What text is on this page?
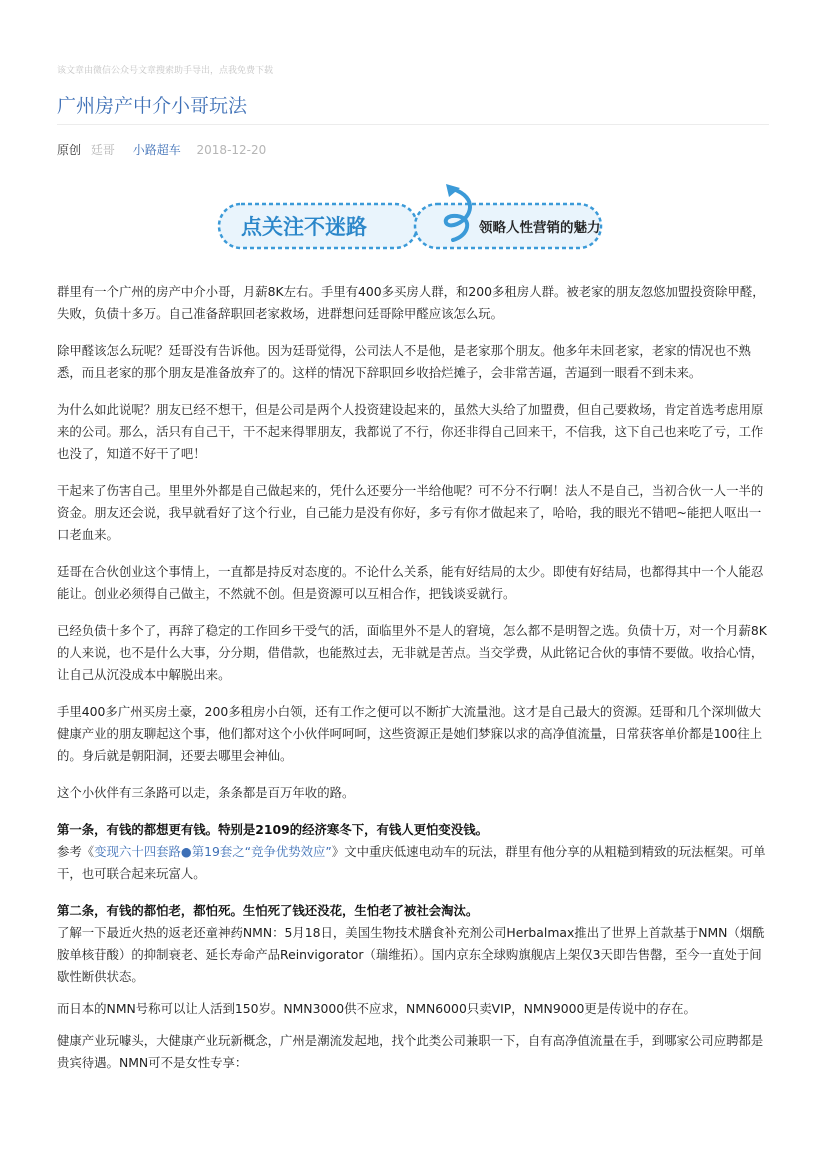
该文章由微信公众号文章搜索助手导出，点我免费下载
广州房产中介小哥玩法
原创 廷哥 小路超车 2018-12-20
点关注不迷路	领略人性营销的魅力

群里有一个广州的房产中介小哥，月薪8K左右。手里有400多买房人群，和200多租房人群。被老家的朋友忽悠加盟投资除甲醛，失败，负债十多万。自己准备辞职回老家救场，进群想问廷哥除甲醛应该怎么玩。

除甲醛该怎么玩呢？廷哥没有告诉他。因为廷哥觉得，公司法人不是他，是老家那个朋友。他多年未回老家，老家的情况也不熟悉，而且老家的那个朋友是准备放弃了的。这样的情况下辞职回乡收拾烂摊子，会非常苦逼，苦逼到一眼看不到未来。

为什么如此说呢？朋友已经不想干，但是公司是两个人投资建设起来的，虽然大头给了加盟费，但自己要救场，肯定首选考虑用原来的公司。那么，活只有自己干，干不起来得罪朋友，我都说了不行，你还非得自己回来干，不信我，这下自己也来吃了亏，工作也没了，知道不好干了吧！

干起来了伤害自己。里里外外都是自己做起来的，凭什么还要分一半给他呢？可不分不行啊！法人不是自己，当初合伙一人一半的资金。朋友还会说，我早就看好了这个行业，自己能力是没有你好，多亏有你才做起来了，哈哈，我的眼光不错吧~能把人呕出一口老血来。

廷哥在合伙创业这个事情上，一直都是持反对态度的。不论什么关系，能有好结局的太少。即使有好结局，也都得其中一个人能忍能让。创业必须得自己做主，不然就不创。但是资源可以互相合作，把钱谈妥就行。

已经负债十多个了，再辞了稳定的工作回乡干受气的活，面临里外不是人的窘境，怎么都不是明智之选。负债十万，对一个月薪8K的人来说，也不是什么大事，分分期，借借款，也能熬过去，无非就是苦点。当交学费，从此铭记合伙的事情不要做。收拾心情，让自己从沉没成本中解脱出来。

手里400多广州买房土豪，200多租房小白领，还有工作之便可以不断扩大流量池。这才是自己最大的资源。廷哥和几个深圳做大健康产业的朋友聊起这个事，他们都对这个小伙伴呵呵呵，这些资源正是她们梦寐以求的高净值流量，日常获客单价都是100往上的。身后就是朝阳洞，还要去哪里会神仙。

这个小伙伴有三条路可以走，条条都是百万年收的路。

第一条，有钱的都想更有钱。特别是2109的经济寒冬下，有钱人更怕变没钱。

参考《变现六十四套路●第19套之“竞争优势效应”》文中重庆低速电动车的玩法，群里有他分享的从粗糙到精致的玩法框架。可单干，也可联合起来玩富人。

第二条，有钱的都怕老，都怕死。生怕死了钱还没花，生怕老了被社会淘汰。

了解一下最近火热的返老还童神药NMN：5月18日，美国生物技术膳食补充剂公司Herbalmax推出了世界上首款基于NMN（烟酰胺单核苷酸）的抑制衰老、延长寿命产品Reinvigorator（瑞维拓）。国内京东全球购旗舰店上架仅3天即告售罄，至今一直处于间歇性断供状态。

而日本的NMN号称可以让人活到150岁。NMN3000供不应求，NMN6000只卖VIP，NMN9000更是传说中的存在。

健康产业玩噱头，大健康产业玩新概念，广州是潮流发起地，找个此类公司兼职一下，自有高净值流量在手，到哪家公司应聘都是贵宾待遇。NMN可不是女性专享：
